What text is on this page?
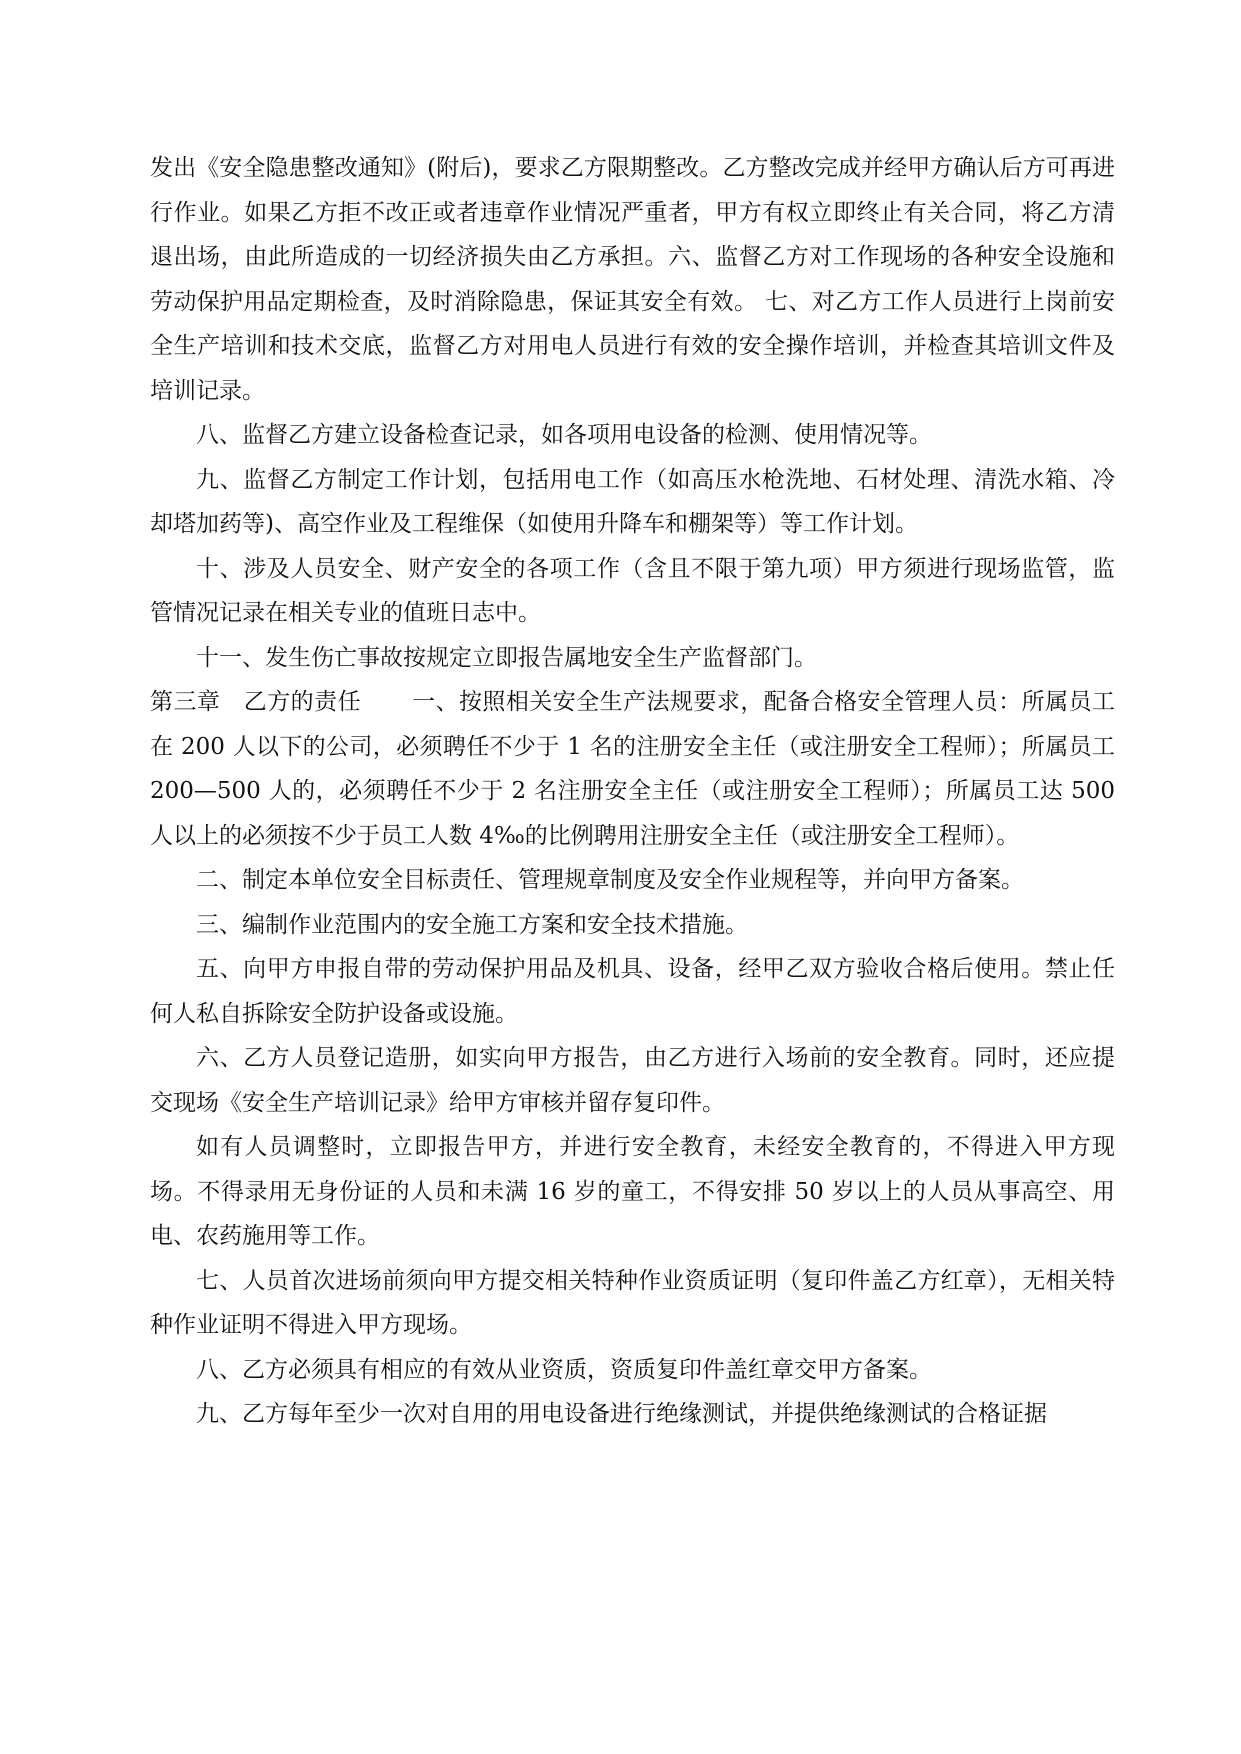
发出《安全隐患整改通知》(附后)，要求乙方限期整改。乙方整改完成并经甲方确认后方可再进行作业。如果乙方拒不改正或者违章作业情况严重者，甲方有权立即终止有关合同，将乙方清退出场，由此所造成的一切经济损失由乙方承担。六、监督乙方对工作现场的各种安全设施和劳动保护用品定期检查，及时消除隐患，保证其安全有效。 七、对乙方工作人员进行上岗前安全生产培训和技术交底，监督乙方对用电人员进行有效的安全操作培训，并检查其培训文件及培训记录。

八、监督乙方建立设备检查记录，如各项用电设备的检测、使用情况等。

九、监督乙方制定工作计划，包括用电工作（如高压水枪洗地、石材处理、清洗水箱、冷却塔加药等)、高空作业及工程维保（如使用升降车和棚架等）等工作计划。

十、涉及人员安全、财产安全的各项工作（含且不限于第九项）甲方须进行现场监管，监管情况记录在相关专业的值班日志中。

十一、发生伤亡事故按规定立即报告属地安全生产监督部门。

第三章 乙方的责任 一、按照相关安全生产法规要求，配备合格安全管理人员：所属员工在 200 人以下的公司，必须聘任不少于 1 名的注册安全主任（或注册安全工程师）；所属员工 200—500 人的，必须聘任不少于 2 名注册安全主任（或注册安全工程师）；所属员工达 500 人以上的必须按不少于员工人数 4‰的比例聘用注册安全主任（或注册安全工程师）。

二、制定本单位安全目标责任、管理规章制度及安全作业规程等，并向甲方备案。

三、编制作业范围内的安全施工方案和安全技术措施。

五、向甲方申报自带的劳动保护用品及机具、设备，经甲乙双方验收合格后使用。禁止任何人私自拆除安全防护设备或设施。

六、乙方人员登记造册，如实向甲方报告，由乙方进行入场前的安全教育。同时，还应提交现场《安全生产培训记录》给甲方审核并留存复印件。

如有人员调整时，立即报告甲方，并进行安全教育，未经安全教育的，不得进入甲方现场。不得录用无身份证的人员和未满 16 岁的童工，不得安排 50 岁以上的人员从事高空、用电、农药施用等工作。

七、人员首次进场前须向甲方提交相关特种作业资质证明（复印件盖乙方红章），无相关特种作业证明不得进入甲方现场。

八、乙方必须具有相应的有效从业资质，资质复印件盖红章交甲方备案。

九、乙方每年至少一次对自用的用电设备进行绝缘测试，并提供绝缘测试的合格证据
